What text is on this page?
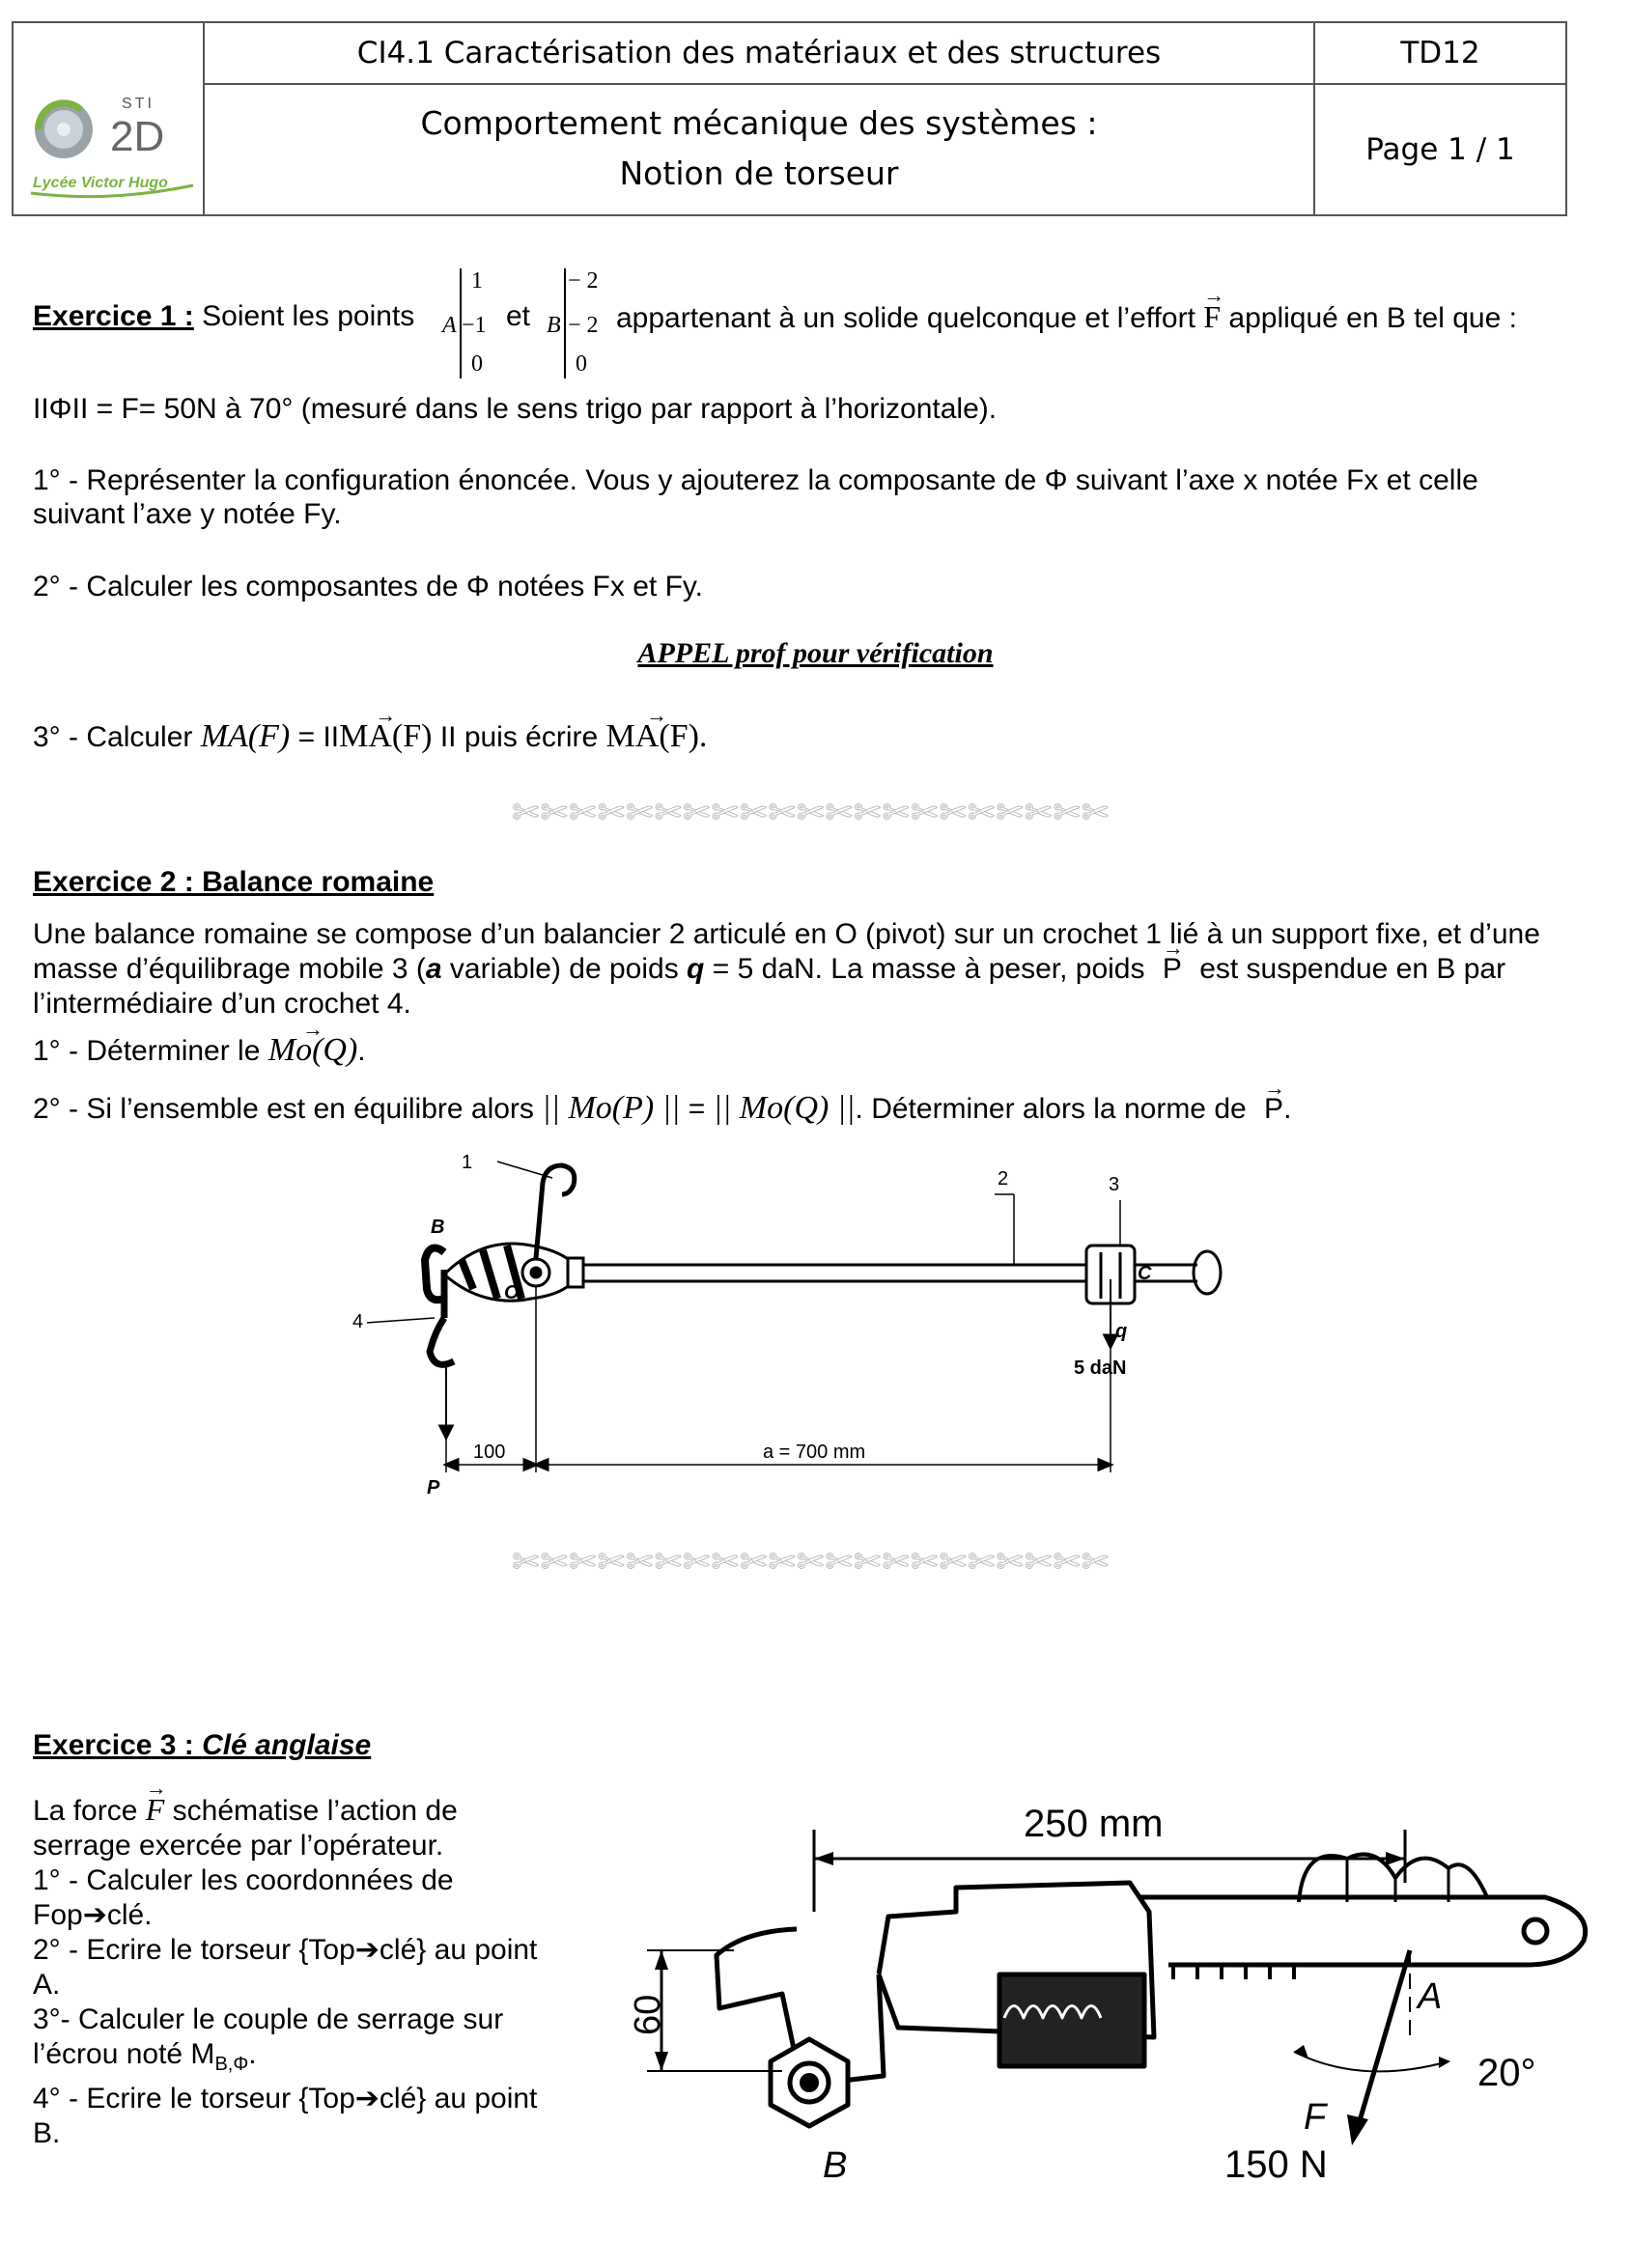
STI
2D
Lycée Victor Hugo
CI4.1 Caractérisation des matériaux et des structures	TD12
Comportement mécanique des systèmes :
Notion de torseur
Page 1 / 1
Exercice 1 : Soient les points A
1
−1
0
et B
− 2
− 2
0
appartenant à un solide quelconque et l’effort → F appliqué en B tel que :
IIΦII = F= 50N à 70° (mesuré dans le sens trigo par rapport à l’horizontale).
1° - Représenter la configuration énoncée. Vous y ajouterez la composante de Φ suivant l’axe x notée Fx et celle
suivant l’axe y notée Fy.
2° - Calculer les composantes de Φ notées Fx et Fy.
APPEL prof pour vérification
3° - Calculer MA(F) = II→ MA(F) II puis écrire → MA(F).
✄✄✄✄✄✄✄✄✄✄✄✄✄✄✄✄✄✄✄✄✄
Exercice 2 : Balance romaine
Une balance romaine se compose d’un balancier 2 articulé en O (pivot) sur un crochet 1 lié à un support fixe, et d’une
masse d’équilibrage mobile 3 (a variable) de poids q = 5 daN. La masse à peser, poids → P est suspendue en B par
l’intermédiaire d’un crochet 4.
1° - Déterminer le → Mo(Q).
2° - Si l’ensemble est en équilibre alors || Mo(P) || = || Mo(Q) ||. Déterminer alors la norme de → P.
1
2	3
4
B
O
C
q
5 daN
100	a = 700 mm
P
✄✄✄✄✄✄✄✄✄✄✄✄✄✄✄✄✄✄✄✄✄
Exercice 3 : Clé anglaise
La force → F schématise l’action de
serrage exercée par l’opérateur.
1° - Calculer les coordonnées de
Fop➔clé.
2° - Ecrire le torseur {Top➔clé} au point
A.
3°- Calculer le couple de serrage sur
l’écrou noté $M_{B,\Phi}$.
4° - Ecrire le torseur {Top➔clé} au point
B.
250 mm
60	A
B
F
150 N
20°
